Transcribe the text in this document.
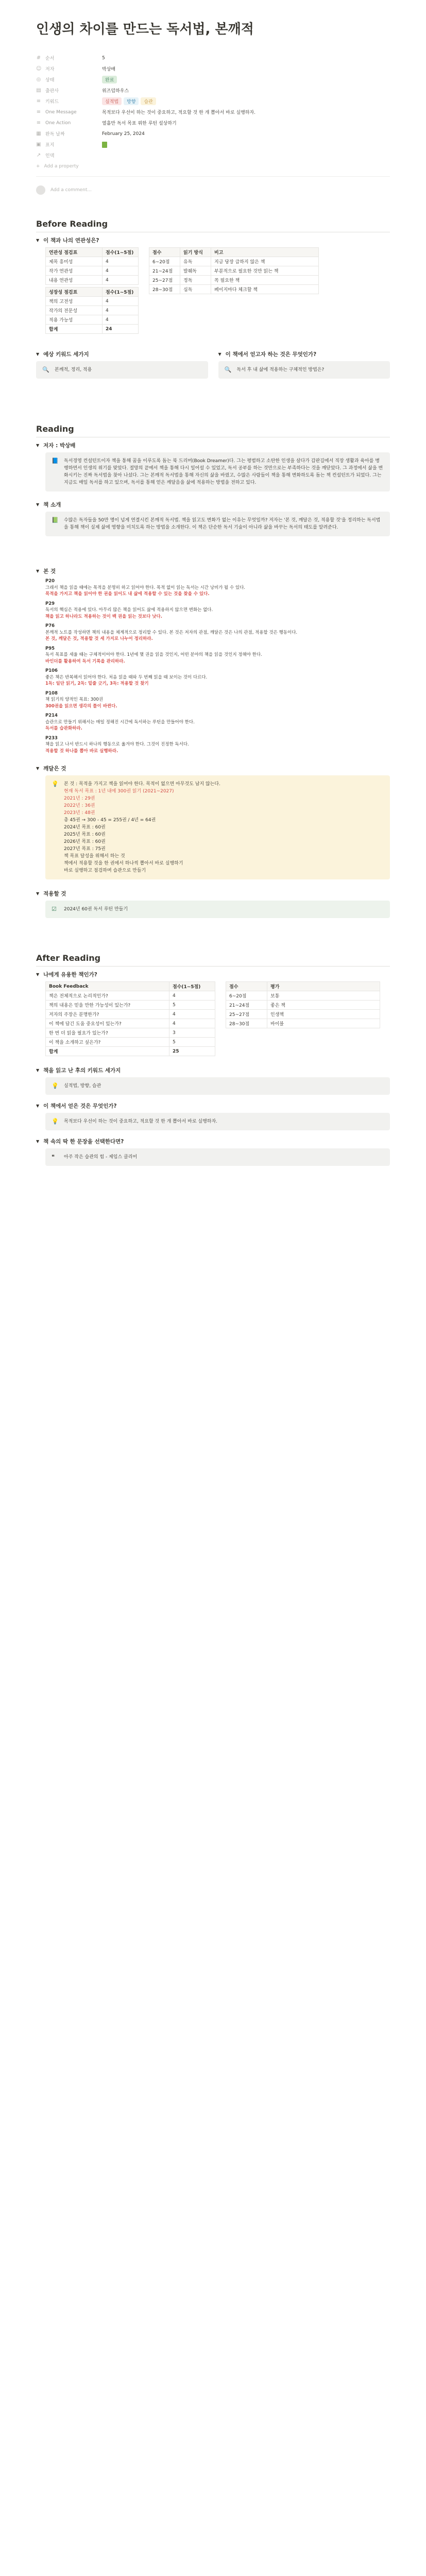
인생의 차이를 만드는 독서법, 본깨적
# 순서	5
☺ 저자	박상배
◎ 상태	완료
▤ 출판사	위즈덤하우스
≡ 키워드	실적법	방향	습관
≡ One Message	목적보다 우선이 하는 것이 중요하고, 적요할 것 한 개 뽑아서 바로 실행하자.
≡ One Action	열흘만 독서 목표 위한 루틴 설상하기
▦ 완독 날짜	February 25, 2024
▣ 표지
↗ 인덱
+ Add a property
Add a comment...
Before Reading
▼ 이 책과 나의 연관성은?
연관성 점검표	점수(1~5점)
제목 흥미성	4
작가 연관성	4
내용 연관성	4
성장성 점검표	점수(1~5점)
책의 고전성	4
작가의 전문성	4
적용 가능성	4
합계	24
점수	읽기 방식	비고
6~20점	유독	지금 당장 급하지 않은 책
21~24점	발췌독	부분적으로 필요한 것만 읽는 책
25~27점	정독	꼭 필요한 책
28~30점	심독	페이지마다 체크할 책
▼ 예상 키워드 세가지
🔍 본깨적, 정리, 적용
▼ 이 책에서 얻고자 하는 것은 무엇인가?
🔍 독서 후 내 삶에 적용하는 구체적인 방법은?
Reading
▼ 저자 : 박상배
📘 독서경영 컨설턴트이자 책을 통해 꿈을 이루도록 돕는 북 드리머(Book Dreamer)다. 그는 평범하고 소탄한 인생을 살다가 갑판길에서 직장 생활과 육아를 병행하면서 인생의 위기를 맞았다. 절망의 끝에서 책을 통해 다시 일어설 수 있었고, 독서 공부를 하는 것만으로는 부족하다는 것을 깨닫았다. 그 과정에서 삶을 변화시키는 진짜 독서법을 찾아 나섰다. 그는 본깨적 독서법을 통해 자신의 삶을 바꿨고, 수많은 사람들이 책을 통해 변화하도록 돕는 책 컨설턴트가 되었다. 그는 지금도 매일 독서를 하고 있으며, 독서를 통해 얻은 깨달음을 삶에 적용하는 방법을 전하고 있다.
▼ 책 소개
📗 수많은 독자들을 50만 명이 넘게 연결시킨 본깨적 독서법. 책을 읽고도 변화가 없는 이유는 무엇일까? 저자는 '본 것, 깨달은 것, 적용할 것'을 정리하는 독서법을 통해 책이 실제 삶에 영향을 미치도록 하는 방법을 소개한다. 이 책은 단순한 독서 기술이 아니라 삶을 바꾸는 독서의 태도를 알려준다.
▼ 본 것
P20
그래서 책을 읽을 때에는 목적을 분명히 하고 읽어야 한다. 목적 없이 읽는 독서는 시간 낭비가 될 수 있다.
목적을 가지고 책을 읽어야 한 권을 읽어도 내 삶에 적용할 수 있는 것을 찾을 수 있다.
P29
독서의 핵심은 적용에 있다. 아무리 많은 책을 읽어도 삶에 적용하지 않으면 변화는 없다.
책을 읽고 하나라도 적용하는 것이 백 권을 읽는 것보다 낫다.
P76
본깨적 노트를 작성하면 책의 내용을 체계적으로 정리할 수 있다. 본 것은 저자의 관점, 깨달은 것은 나의 관점, 적용할 것은 행동이다.
본 것, 깨달은 것, 적용할 것 세 가지로 나누어 정리하라.
P95
독서 목표를 세울 때는 구체적이어야 한다. 1년에 몇 권을 읽을 것인지, 어떤 분야의 책을 읽을 것인지 정해야 한다.
바인더를 활용하여 독서 기록을 관리하라.
P106
좋은 책은 반복해서 읽어야 한다. 처음 읽을 때와 두 번째 읽을 때 보이는 것이 다르다.
1독: 일단 읽기, 2독: 밑줄 긋기, 3독: 적용할 것 찾기
P108
책 읽기의 양적인 목표: 300권
300권을 읽으면 생각의 틀이 바뀐다.
P214
습관으로 만들기 위해서는 매일 정해진 시간에 독서하는 루틴을 만들어야 한다.
독서를 습관화하라.
P233
책을 읽고 나서 반드시 하나의 행동으로 옮겨야 한다. 그것이 진정한 독서다.
적용할 것 하나를 뽑아 바로 실행하라.
▼ 깨달은 것
💡 본 것 : 목적을 가지고 책을 읽어야 한다. 목적이 없으면 아무것도 남지 않는다.
현재 독서 목표 : 1년 내에 300권 읽기 (2021~2027)
2021년 : 29권
2022년 : 36권
2023년 : 48권
총 45권 → 300 - 45 = 255권 / 4년 = 64권
2024년 목표 : 60권
2025년 목표 : 60권
2026년 목표 : 60권
2027년 목표 : 75권
책 목표 달성을 위해서 하는 것
책에서 적용할 것을 한 권에서 하나씩 뽑아서 바로 실행하기
바로 실행하고 점검하며 습관으로 만들기
▼ 적용할 것
☑	2024년 60권 독서 루틴 만들기
After Reading
▼ 나에게 유용한 책인가?
Book Feedback	점수(1~5점)
책은 전체적으로 논리적인가?	4
책의 내용은 믿을 만한 가능성이 있는가?	5
저자의 주장은 분명한가?	4
이 책에 담긴 도움 중요성이 있는가?	4
한 번 더 읽을 필요가 있는가?	3
이 책을 소개하고 싶은가?	5
합계	25
점수	평가
6~20점	보통
21~24점	좋은 책
25~27점	인생책
28~30점	바이블
▼ 책을 읽고 난 후의 키워드 세가지
💡 실적법, 방향, 습관
▼ 이 책에서 얻은 것은 무엇인가?
💡 목적보다 우선이 하는 것이 중요하고, 적요할 것 한 개 뽑아서 바로 실행하자.
▼ 책 속의 딱 한 문장을 선택한다면?
❝	아주 작은 습관의 힘 - 제임스 클리어
